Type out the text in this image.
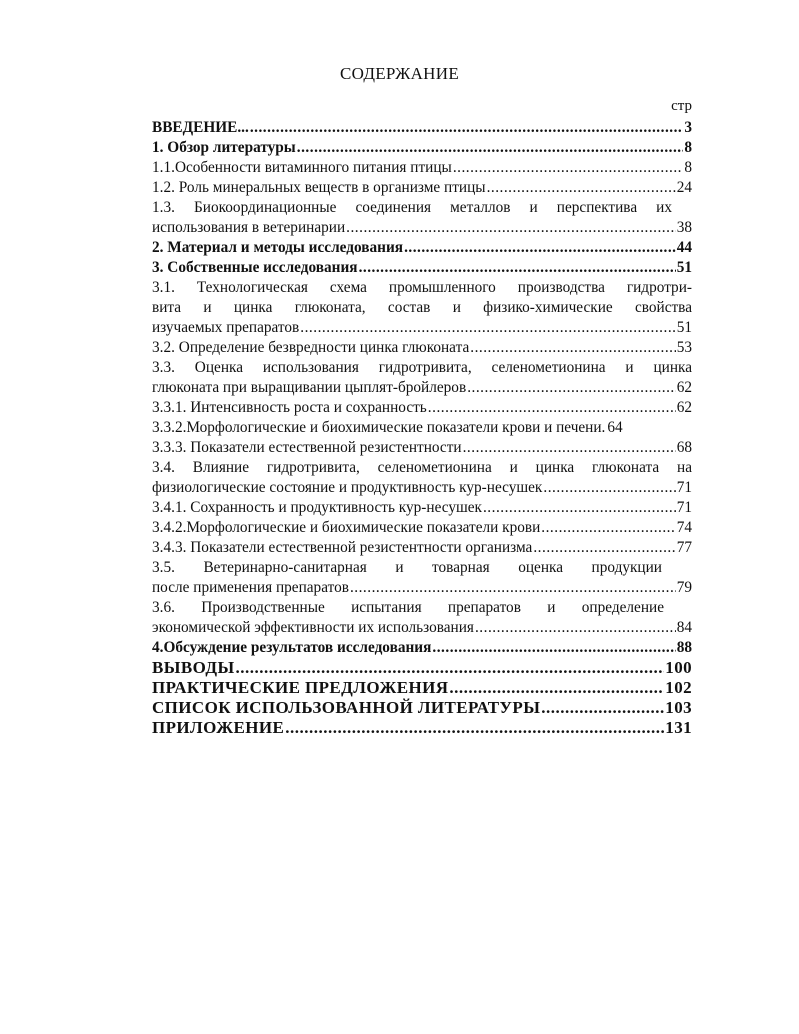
СОДЕРЖАНИЕ
стр
ВВЕДЕНИЕ... .....	3
1. Обзор литературы .....	8
1.1.Особенности витаминного питания птицы .....	8
1.2. Роль минеральных веществ в организме птицы .....	24
1.3. Биокоординационные соединения металлов и перспектива их
использования в ветеринарии .....	38
2. Материал и методы исследования .....	44
3. Собственные исследования .....	51
3.1. Технологическая схема промышленного производства гидротри-
вита и цинка глюконата, состав и физико-химические свойства
изучаемых препаратов .....	51
3.2. Определение безвредности цинка глюконата .....	53
3.3. Оценка использования гидротривита, селенометионина и цинка
глюконата при выращивании цыплят-бройлеров .....	62
3.3.1. Интенсивность роста и сохранность .....	62
3.3.2.Морфологические и биохимические показатели крови и печени. 64
3.3.3. Показатели естественной резистентности .....	68
3.4. Влияние гидротривита, селенометионина и цинка глюконата на
физиологические состояние и продуктивность кур-несушек .....	71
3.4.1. Сохранность и продуктивность кур-несушек .....	71
3.4.2.Морфологические и биохимические показатели крови .....	74
3.4.3. Показатели естественной резистентности организма .....	77
3.5. Ветеринарно-санитарная и товарная оценка продукции
после применения препаратов .....	79
3.6. Производственные испытания препаратов и определение
экономической эффективности их использования .....	84
4.Обсуждение результатов исследования .....	88
ВЫВОДЫ .....	100
ПРАКТИЧЕСКИЕ ПРЕДЛОЖЕНИЯ .....	102
СПИСОК ИСПОЛЬЗОВАННОЙ ЛИТЕРАТУРЫ .....	103
ПРИЛОЖЕНИЕ .....	131
